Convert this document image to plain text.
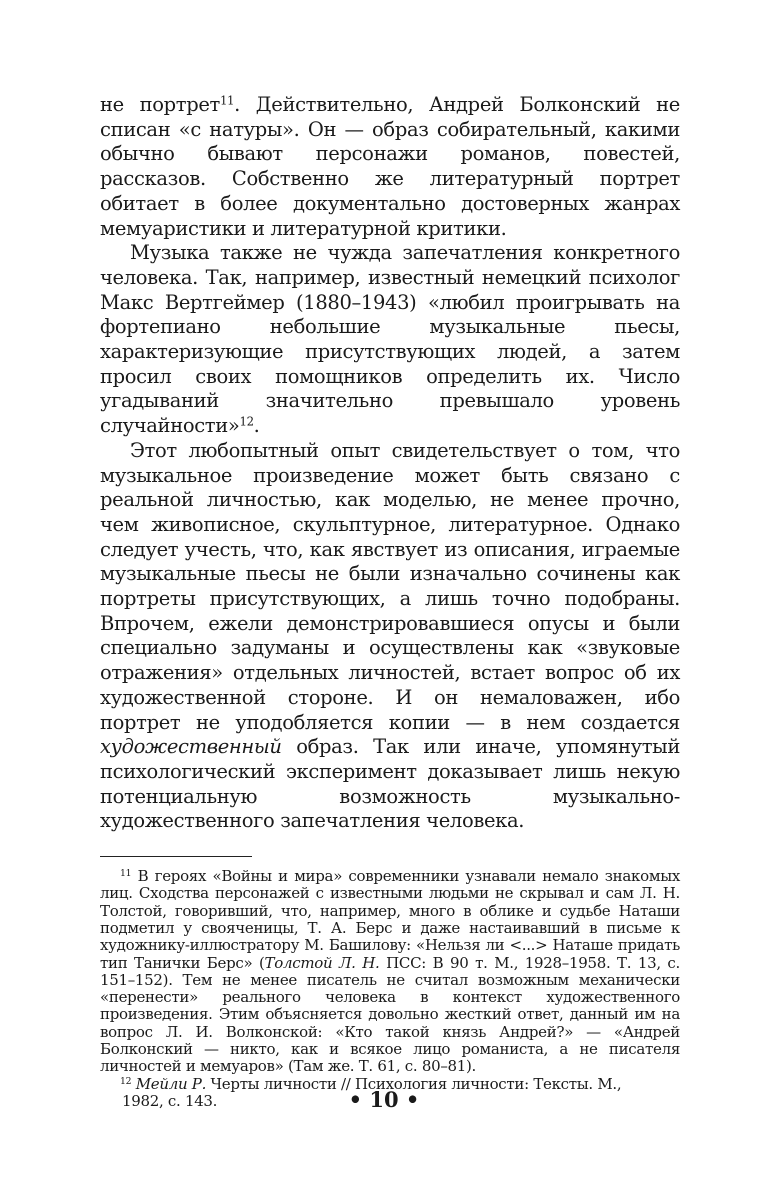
не портрет$^{11}$. Действительно, Андрей Болконский не списан «с натуры». Он — образ собирательный, какими обычно бывают персонажи романов, повестей, рассказов. Собственно же литературный портрет обитает в более документально достоверных жанрах мемуаристики и литературной критики.

Музыка также не чужда запечатления конкретного человека. Так, например, известный немецкий психолог Макс Вертгеймер (1880–1943) «любил проигрывать на фортепиано небольшие музыкальные пьесы, характеризующие присутствующих людей, а затем просил своих помощников определить их. Число угадываний значительно превышало уровень случайности»$^{12}$.

Этот любопытный опыт свидетельствует о том, что музыкальное произведение может быть связано с реальной личностью, как моделью, не менее прочно, чем живописное, скульптурное, литературное. Однако следует учесть, что, как явствует из описания, играемые музыкальные пьесы не были изначально сочинены как портреты присутствующих, а лишь точно подобраны. Впрочем, ежели демонстрировавшиеся опусы и были специально задуманы и осуществлены как «звуковые отражения» отдельных личностей, встает вопрос об их художественной стороне. И он немаловажен, ибо портрет не уподобляется копии — в нем создается художественный образ. Так или иначе, упомянутый психологический эксперимент доказывает лишь некую потенциальную возможность музыкально-художественного запечатления человека.

$^{11}$ В героях «Войны и мира» современники узнавали немало знакомых лиц. Сходства персонажей с известными людьми не скрывал и сам Л. Н. Толстой, говоривший, что, например, много в облике и судьбе Наташи подметил у свояченицы, Т. А. Берс и даже настаивавший в письме к художнику-иллюстратору М. Башилову: «Нельзя ли <...> Наташе придать тип Танички Берс» (Толстой Л. Н. ПСС: В 90 т. М., 1928–1958. Т. 13, с. 151–152). Тем не менее писатель не считал возможным механически «перенести» реального человека в контекст художественного произведения. Этим объясняется довольно жесткий ответ, данный им на вопрос Л. И. Волконской: «Кто такой князь Андрей?» — «Андрей Болконский — никто, как и всякое лицо романиста, а не писателя личностей и мемуаров» (Там же. Т. 61, с. 80–81).

$^{12}$ Мейли Р. Черты личности // Психология личности: Тексты. М.,

1982, с. 143.	• 10 •
